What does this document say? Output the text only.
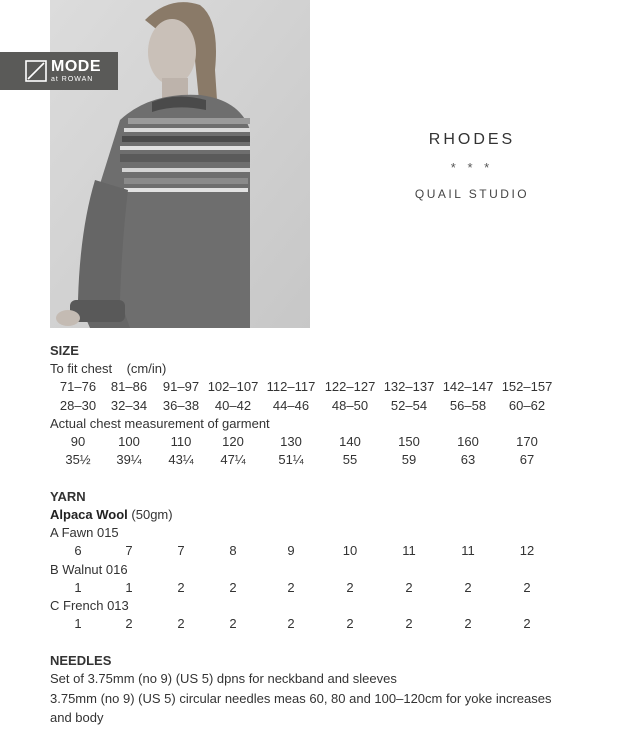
MODE
at ROWAN
RHODES
* * *
QUAIL STUDIO
SIZE
To fit chest (cm/in)
71–76 81–86 91–97 102–107 112–117 122–127 132–137 142–147 152–157
28–30 32–34 36–38 40–42 44–46 48–50 52–54 56–58 60–62
Actual chest measurement of garment
90	100 110 120	130	140	150	160	170
35½ 39¼ 43¼ 47¼	51¼	55	59	63	67
YARN
Alpaca Wool (50gm)
A Fawn 015
6	7	7	8	9	10	11	11	12
B Walnut 016
1	1	2	2	2	2	2	2	2
C French 013
1	2	2	2	2	2	2	2	2
NEEDLES
Set of 3.75mm (no 9) (US 5) dpns for neckband and sleeves
3.75mm (no 9) (US 5) circular needles meas 60, 80 and 100–120cm for yoke increases and body
